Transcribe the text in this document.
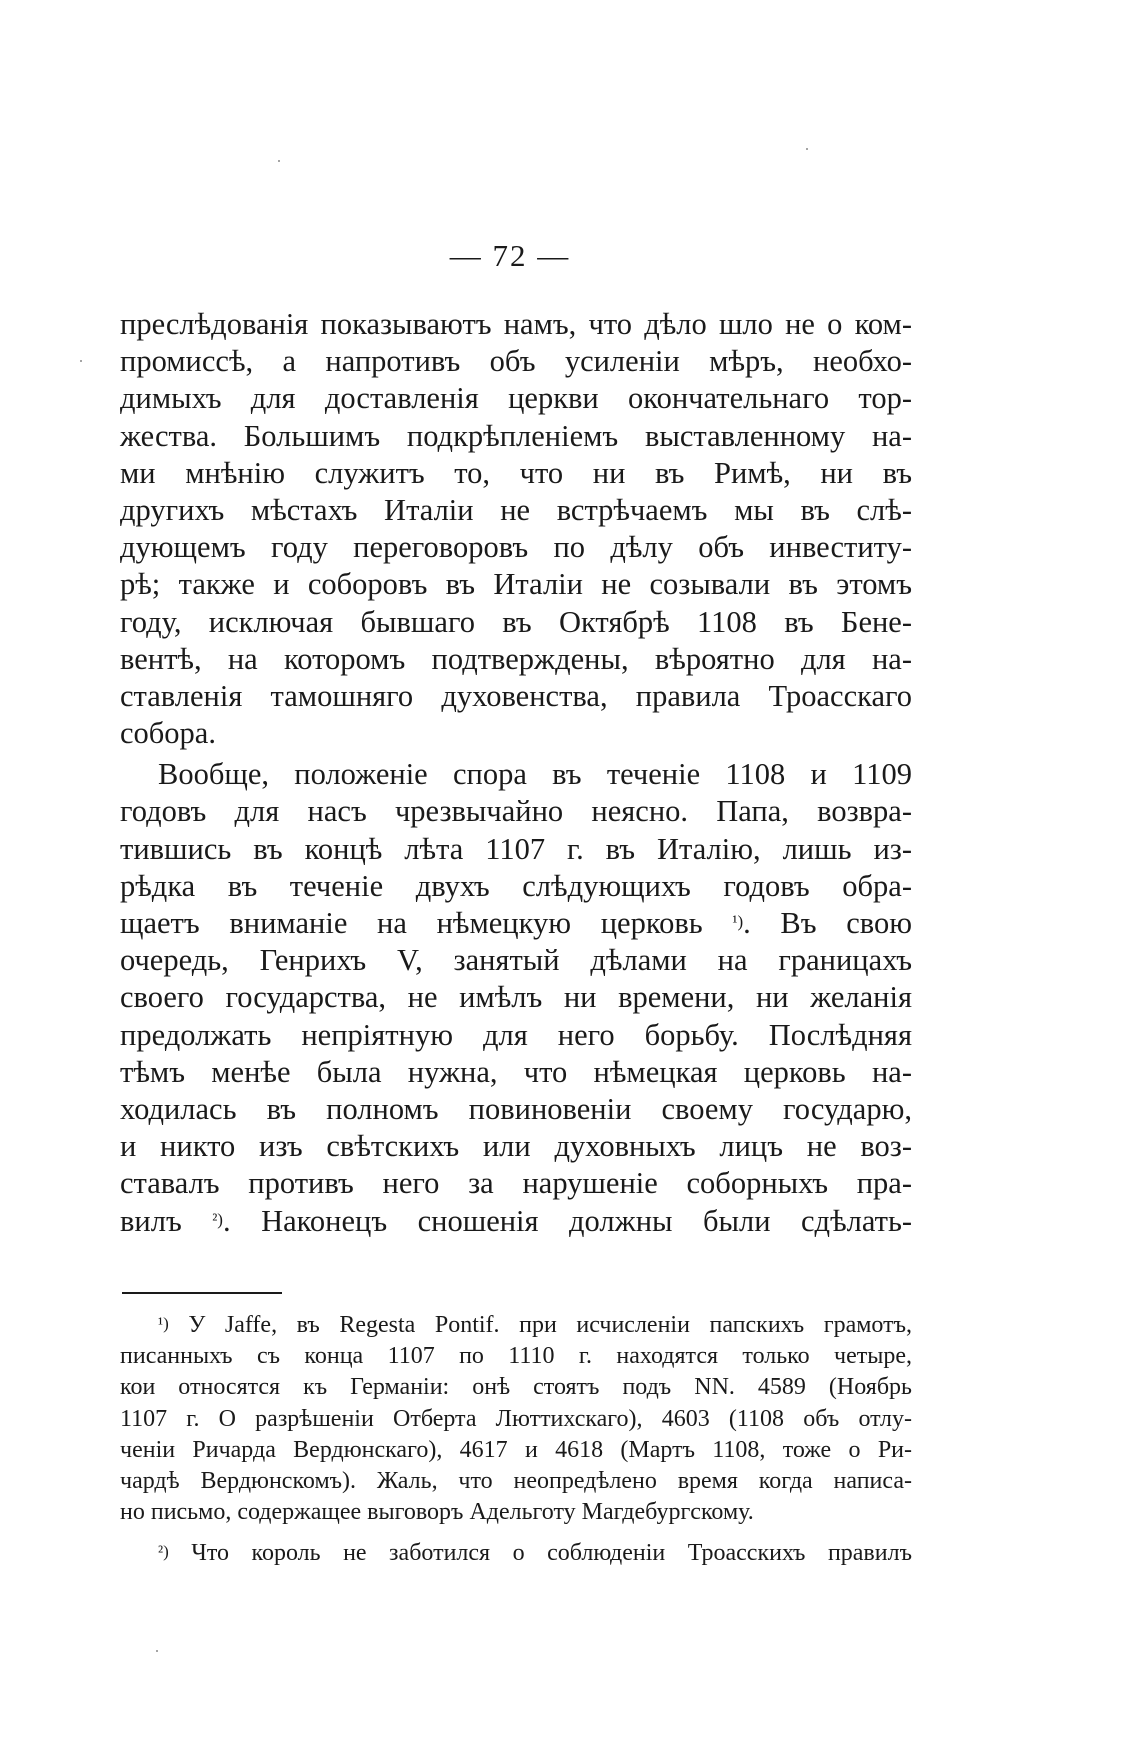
— 72 —
преслѣдованія показываютъ намъ, что дѣло шло не о ком-
промиссѣ, а напротивъ объ усиленіи мѣръ, необхо-
димыхъ для доставленія церкви окончательнаго тор-
жества. Большимъ подкрѣпленіемъ выставленному на-
ми мнѣнію служитъ то, что ни въ Римѣ, ни въ
другихъ мѣстахъ Италіи не встрѣчаемъ мы въ слѣ-
дующемъ году переговоровъ по дѣлу объ инвеститу-
рѣ; также и соборовъ въ Италіи не созывали въ этомъ
году, исключая бывшаго въ Октябрѣ 1108 въ Бене-
вентѣ, на которомъ подтверждены, вѣроятно для на-
ставленія тамошняго духовенства, правила Троасскаго
собора.
Вообще, положеніе спора въ теченіе 1108 и 1109
годовъ для насъ чрезвычайно неясно. Папа, возвра-
тившись въ концѣ лѣта 1107 г. въ Италію, лишь из-
рѣдка въ теченіе двухъ слѣдующихъ годовъ обра-
щаетъ вниманіе на нѣмецкую церковь $^{^1)}$. Въ свою
очередь, Генрихъ V, занятый дѣлами на границахъ
своего государства, не имѣлъ ни времени, ни желанія
предолжать непріятную для него борьбу. Послѣдняя
тѣмъ менѣе была нужна, что нѣмецкая церковь на-
ходилась въ полномъ повиновеніи своему государю,
и никто изъ свѣтскихъ или духовныхъ лицъ не воз-
ставалъ противъ него за нарушеніе соборныхъ пра-
вилъ $^{^2)}$. Наконецъ сношенія должны были сдѣлать-
$^{^1)}$ У Jaffe, въ Regesta Pontif. при исчисленіи папскихъ грамотъ,
писанныхъ съ конца 1107 по 1110 г. находятся только четыре,
кои относятся къ Германіи: онѣ стоятъ подъ NN. 4589 (Ноябрь
1107 г. О разрѣшеніи Отберта Люттихскаго), 4603 (1108 объ отлу-
ченіи Ричарда Вердюнскаго), 4617 и 4618 (Мартъ 1108, тоже о Ри-
чардѣ Вердюнскомъ). Жаль, что неопредѣлено время когда написа-
но письмо, содержащее выговоръ Адельготу Магдебургскому.
$^{^2)}$ Что король не заботился о соблюденіи Троасскихъ правилъ
